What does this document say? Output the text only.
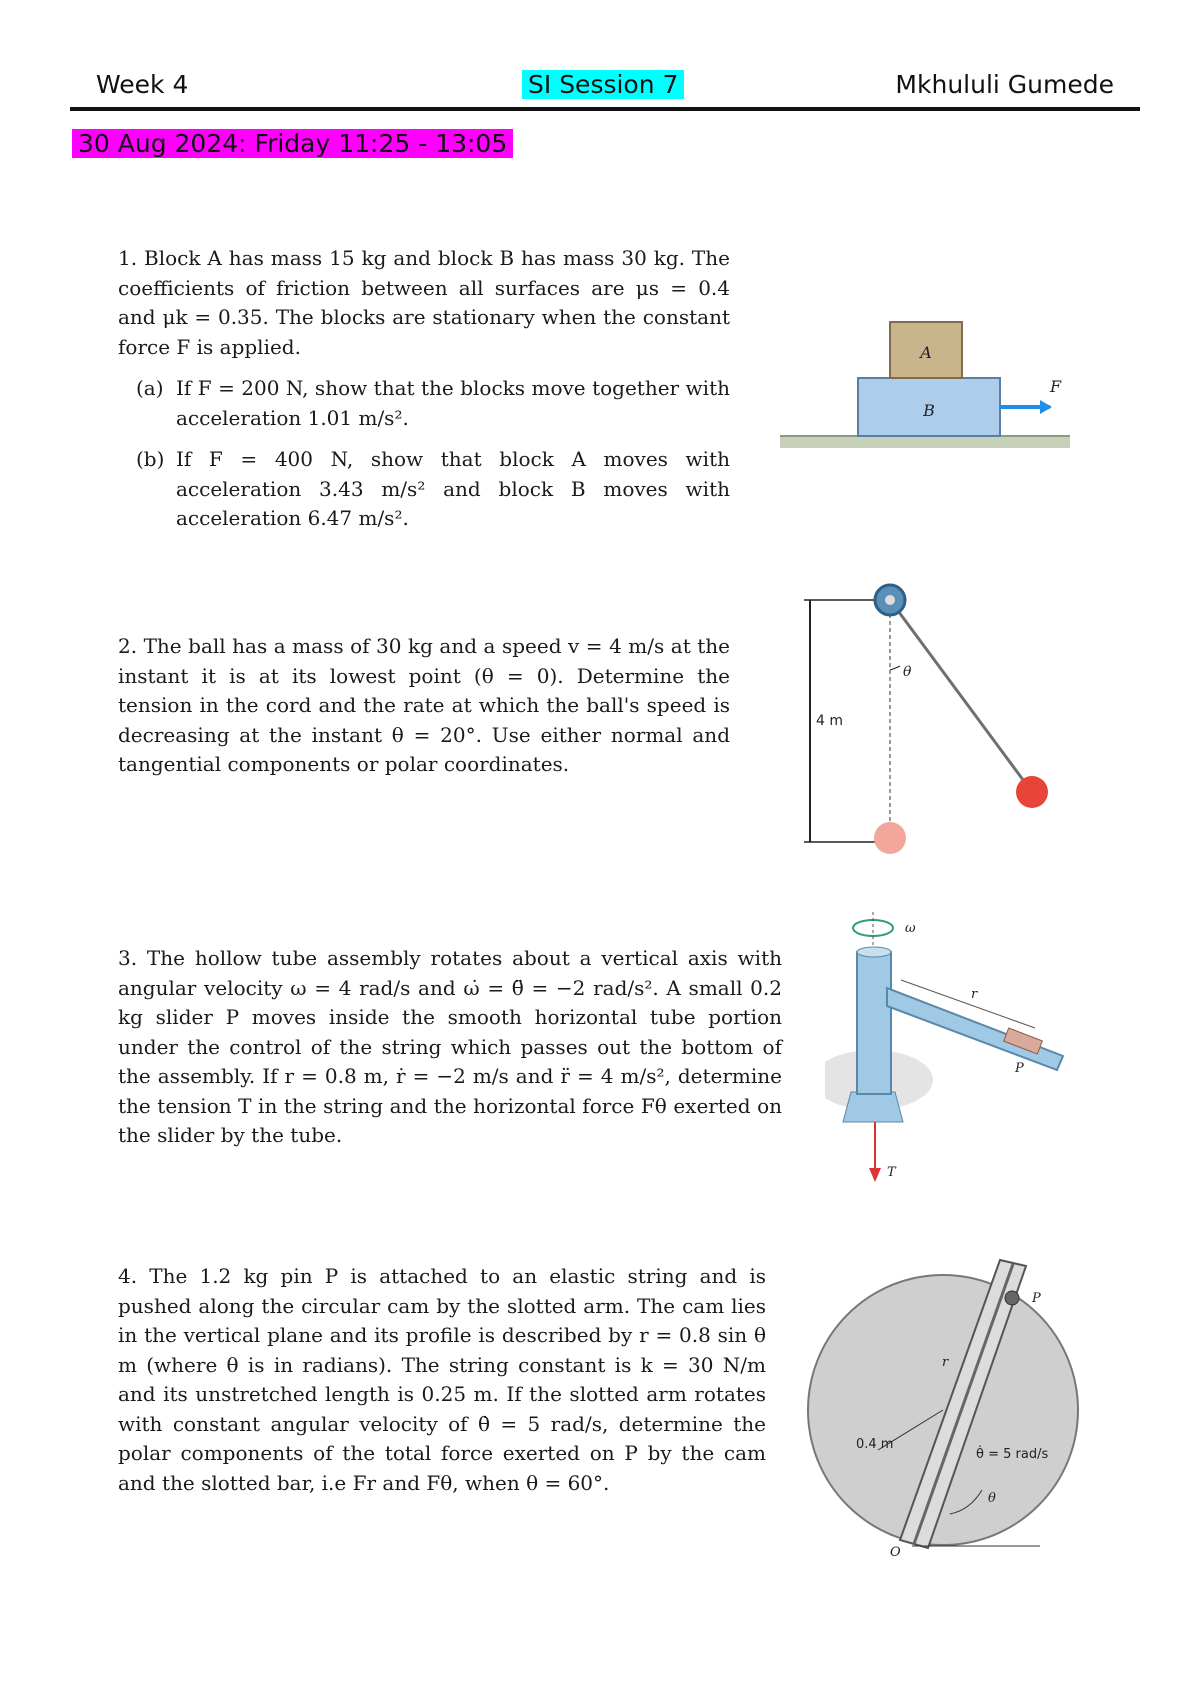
Week 4	SI Session 7	Mkhululi Gumede
30 Aug 2024: Friday 11:25 - 13:05

1. Block A has mass 15 kg and block B has mass 30 kg. The coefficients of friction between all surfaces are μs = 0.4 and μk = 0.35. The blocks are stationary when the constant force F is applied.

(a) If F = 200 N, show that the blocks move together with acceleration 1.01 m/s².
(b) If F = 400 N, show that block A moves with acceleration 3.43 m/s² and block B moves with acceleration 6.47 m/s².
A
B
F

2. The ball has a mass of 30 kg and a speed v = 4 m/s at the instant it is at its lowest point (θ = 0). Determine the tension in the cord and the rate at which the ball's speed is decreasing at the instant θ = 20°. Use either normal and tangential components or polar coordinates.

4 m
θ

3. The hollow tube assembly rotates about a vertical axis with angular velocity ω = 4 rad/s and ω̇ = θ̈ = −2 rad/s². A small 0.2 kg slider P moves inside the smooth horizontal tube portion under the control of the string which passes out the bottom of the assembly. If r = 0.8 m, ṙ = −2 m/s and r̈ = 4 m/s², determine the tension T in the string and the horizontal force Fθ exerted on the slider by the tube.

ω
r
P
T

4. The 1.2 kg pin P is attached to an elastic string and is pushed along the circular cam by the slotted arm. The cam lies in the vertical plane and its profile is described by r = 0.8 sin θ m (where θ is in radians). The string constant is k = 30 N/m and its unstretched length is 0.25 m. If the slotted arm rotates with constant angular velocity of θ̇ = 5 rad/s, determine the polar components of the total force exerted on P by the cam and the slotted bar, i.e Fr and Fθ, when θ = 60°.

P
r
0.4 m
θ̇ = 5 rad/s
θ
O
